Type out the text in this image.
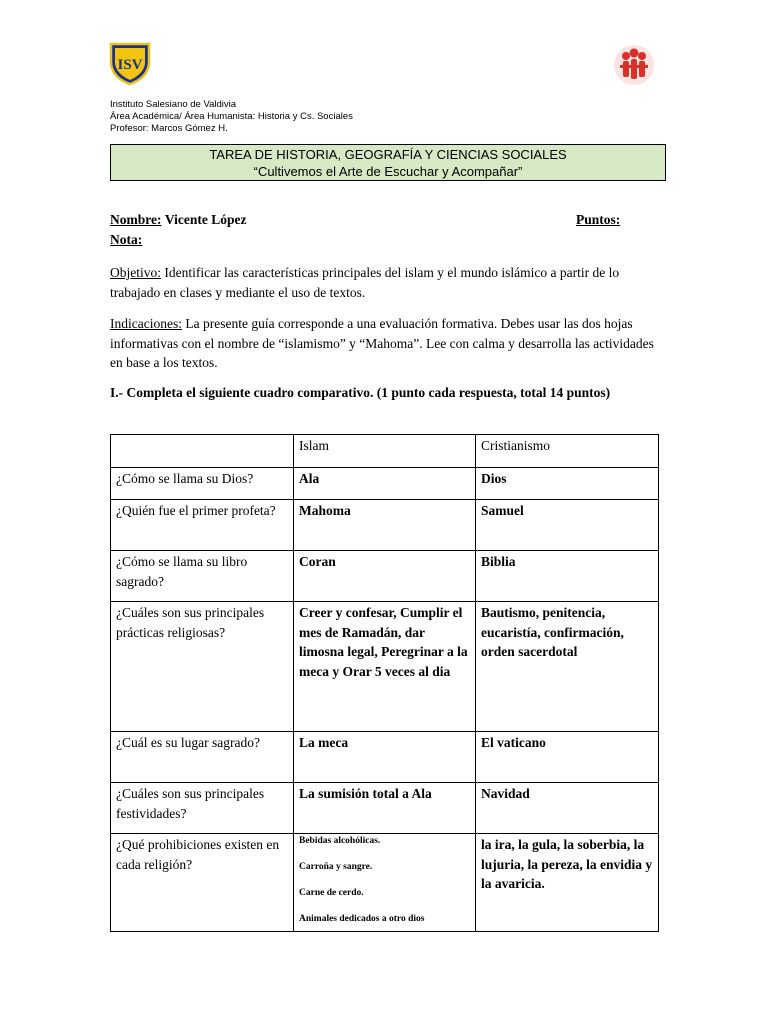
ISV
Instituto Salesiano de Valdivia
Área Académica/ Área Humanista: Historia y Cs. Sociales
Profesor: Marcos Gómez H.
TAREA DE HISTORIA, GEOGRAFÍA Y CIENCIAS SOCIALES
“Cultivemos el Arte de Escuchar y Acompañar”
Nombre: Vicente López	Puntos:
Nota:
Objetivo: Identificar las características principales del islam y el mundo islámico a partir de lo trabajado en clases y mediante el uso de textos.
Indicaciones: La presente guía corresponde a una evaluación formativa. Debes usar las dos hojas informativas con el nombre de “islamismo” y “Mahoma”. Lee con calma y desarrolla las actividades en base a los textos.
I.- Completa el siguiente cuadro comparativo. (1 punto cada respuesta, total 14 puntos)
	Islam	Cristianismo
¿Cómo se llama su Dios?	Ala	Dios
¿Quién fue el primer profeta?	Mahoma	Samuel
¿Cómo se llama su libro sagrado?	Coran	Biblia
¿Cuáles son sus principales prácticas religiosas?	Creer y confesar, Cumplir el mes de Ramadán, dar limosna legal, Peregrinar a la meca y Orar 5 veces al dia	Bautismo, penitencia, eucaristía, confirmación, orden sacerdotal
¿Cuál es su lugar sagrado?	La meca	El vaticano
¿Cuáles son sus principales festividades?	La sumisión total a Ala	Navidad
¿Qué prohibiciones existen en cada religión?	Bebidas alcohólicas.
Carroña y sangre.
Carne de cerdo.
Animales dedicados a otro dios	la ira, la gula, la soberbia, la lujuria, la pereza, la envidia y la avaricia.
